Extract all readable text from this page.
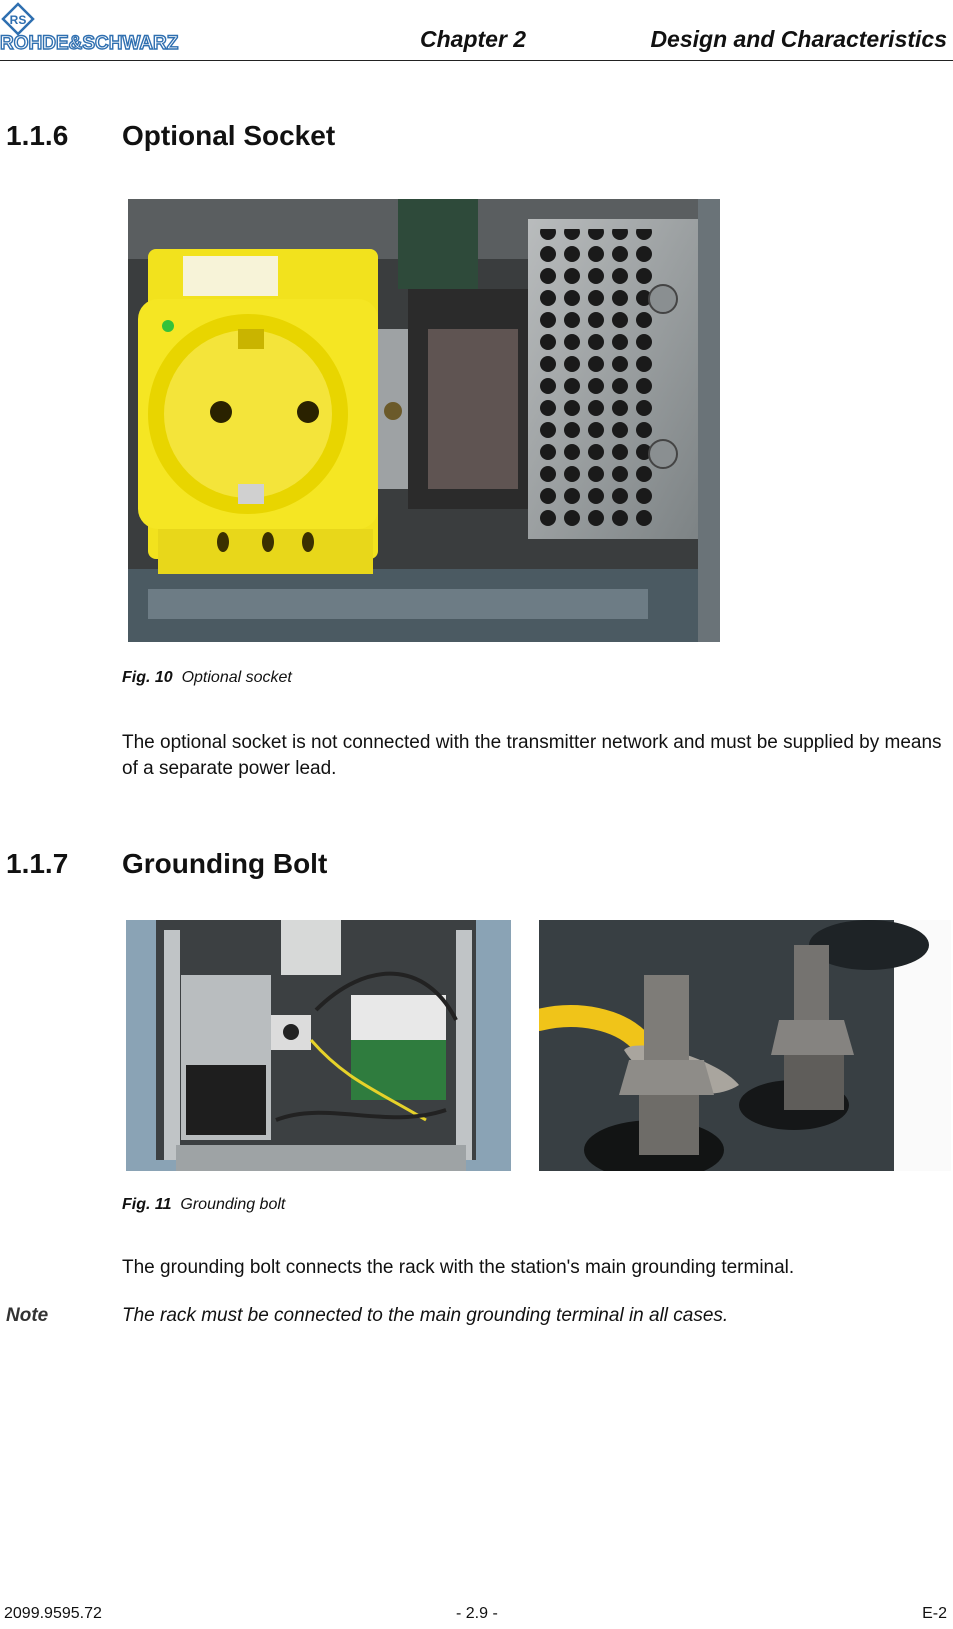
RS
ROHDE&SCHWARZ	Chapter 2	Design and Characteristics
1.1.6 Optional Socket
Fig. 10 Optional socket
The optional socket is not connected with the transmitter network and must be supplied by means of a separate power lead.
1.1.7 Grounding Bolt
Fig. 11 Grounding bolt
The grounding bolt connects the rack with the station's main grounding terminal.
Note	The rack must be connected to the main grounding terminal in all cases.
2099.9595.72	- 2.9 -	E-2
